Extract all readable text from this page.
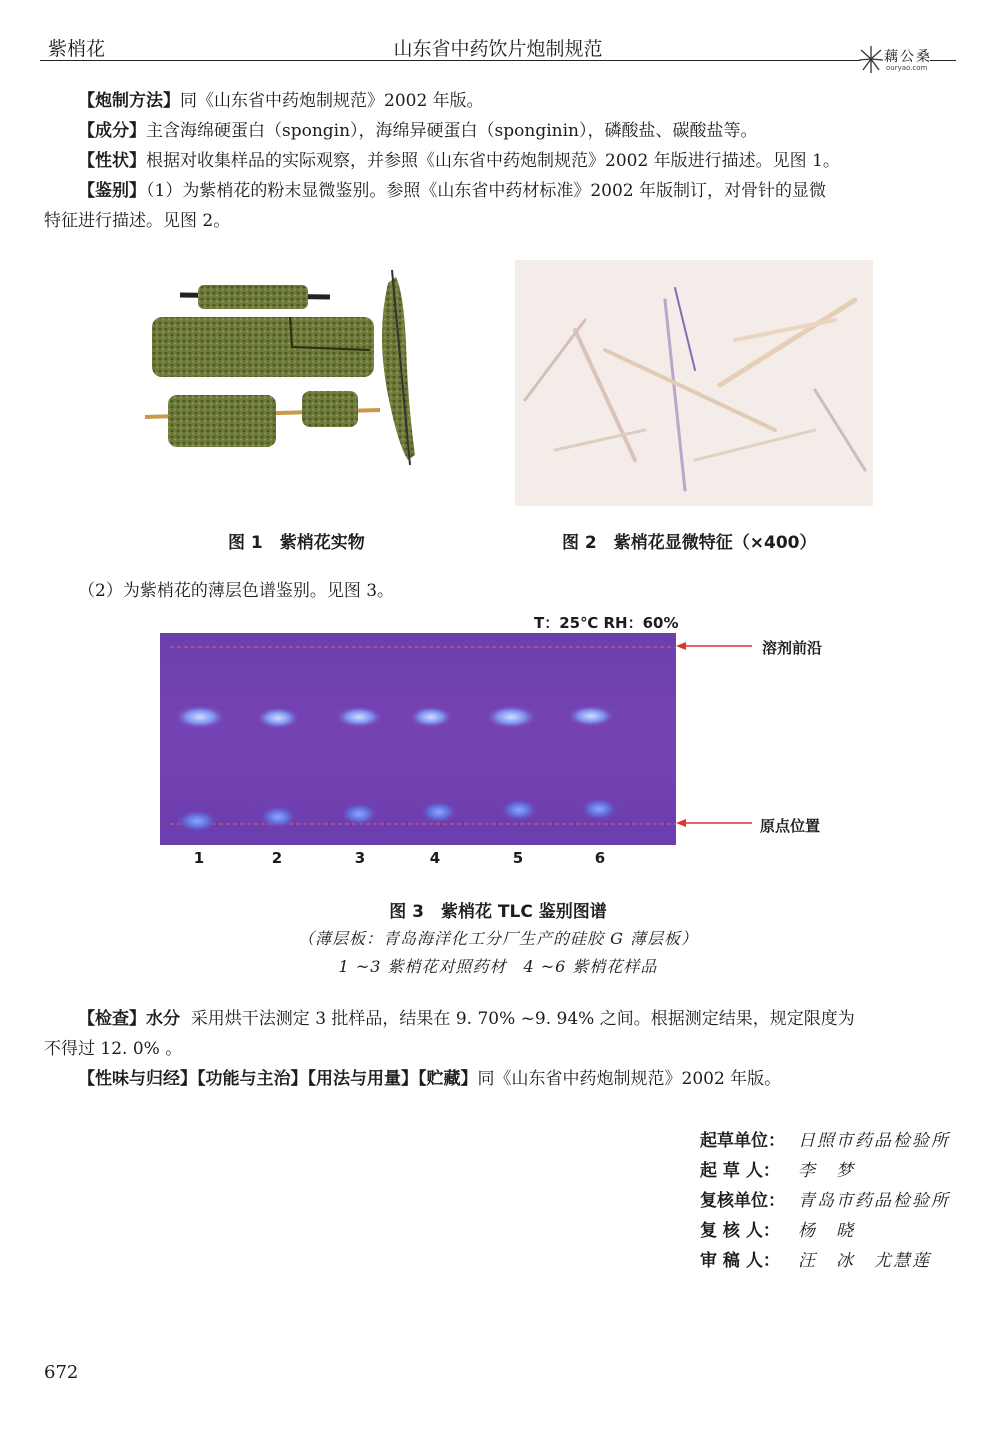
紫梢花	山东省中药饮片炮制规范	藕公桑
ouryao.com
【炮制方法】同《山东省中药炮制规范》2002 年版。
【成分】主含海绵硬蛋白（spongin），海绵异硬蛋白（sponginin），磷酸盐、碳酸盐等。
【性状】根据对收集样品的实际观察，并参照《山东省中药炮制规范》2002 年版进行描述。见图 1。
【鉴别】（1）为紫梢花的粉末显微鉴别。参照《山东省中药材标准》2002 年版制订，对骨针的显微
特征进行描述。见图 2。
图 1　紫梢花实物	图 2　紫梢花显微特征（×400）
（2）为紫梢花的薄层色谱鉴别。见图 3。
T：25℃ RH：60%
溶剂前沿
原点位置
1	2	3	4	5	6
图 3　紫梢花 TLC 鉴别图谱
（薄层板：青岛海洋化工分厂生产的硅胶 G 薄层板）
1 ~3 紫梢花对照药材　4 ~6 紫梢花样品
【检查】水分 采用烘干法测定 3 批样品，结果在 9. 70% ~9. 94% 之间。根据测定结果，规定限度为
不得过 12. 0% 。
【性味与归经】【功能与主治】【用法与用量】【贮藏】同《山东省中药炮制规范》2002 年版。
起草单位： 日照市药品检验所
起 草 人： 李　梦
复核单位： 青岛市药品检验所
复 核 人： 杨　晓
审 稿 人： 汪　冰　尤慧莲
672
